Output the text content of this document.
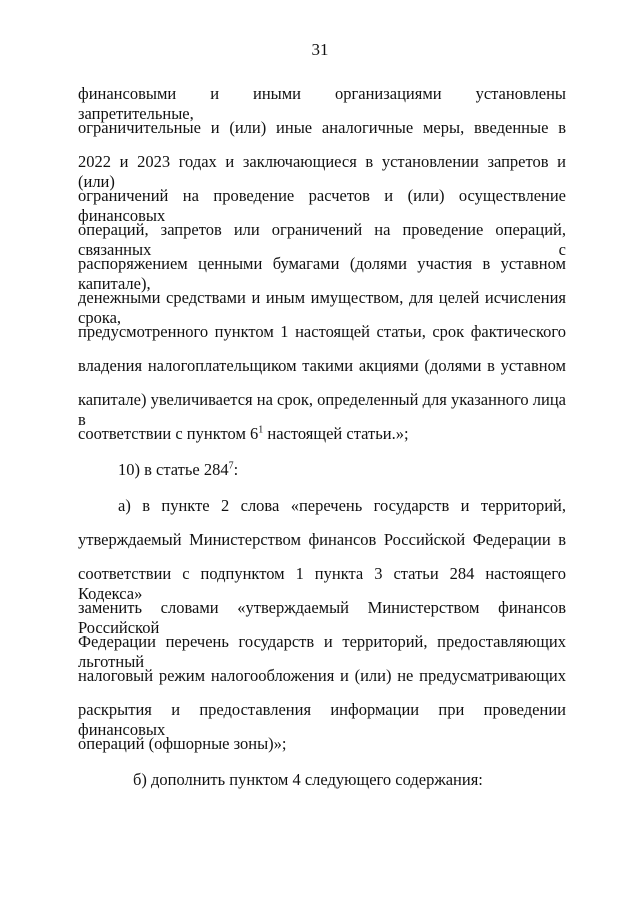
31
финансовыми и иными организациями установлены запретительные,
ограничительные и (или) иные аналогичные меры, введенные в
2022 и 2023 годах и заключающиеся в установлении запретов и (или)
ограничений на проведение расчетов и (или) осуществление финансовых
операций, запретов или ограничений на проведение операций, связанных с
распоряжением ценными бумагами (долями участия в уставном капитале),
денежными средствами и иным имуществом, для целей исчисления срока,
предусмотренного пунктом 1 настоящей статьи, срок фактического
владения налогоплательщиком такими акциями (долями в уставном
капитале) увеличивается на срок, определенный для указанного лица в
соответствии с пунктом $6^1$ настоящей статьи.»;
10) в статье $284^7$:
а) в пункте 2 слова «перечень государств и территорий,
утверждаемый Министерством финансов Российской Федерации в
соответствии с подпунктом 1 пункта 3 статьи 284 настоящего Кодекса»
заменить словами «утверждаемый Министерством финансов Российской
Федерации перечень государств и территорий, предоставляющих льготный
налоговый режим налогообложения и (или) не предусматривающих
раскрытия и предоставления информации при проведении финансовых
операций (офшорные зоны)»;
б) дополнить пунктом 4 следующего содержания:
